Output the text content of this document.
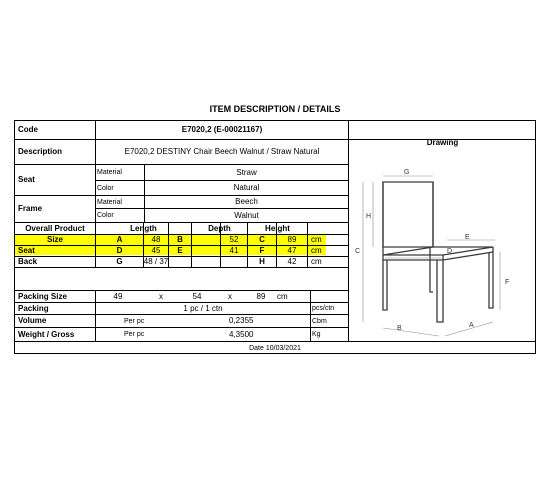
ITEM DESCRIPTION / DETAILS
Code	E7020,2 (E-00021167)
Description	E7020,2 DESTINY Chair Beech Walnut / Straw Natural
Drawing
Seat
Material	Straw
Color	Natural
Frame
Material	Beech
Color	Walnut
Overall Product	Length	Depth	Height
Size	A	48	B	52	C	89	cm
Seat	D	45	E	41	F	47	cm
Back	G	48 / 37	H	42	cm
Packing Size	49	x	54	x	89	cm
Packing	1 pc / 1 ctn	pcs/ctn
Volume	Per pc	0,2355	Cbm
Weight / Gross	Per pc	4,3500	Kg
Date 10/03/2021
G
H
C
E
D
F
B	A
